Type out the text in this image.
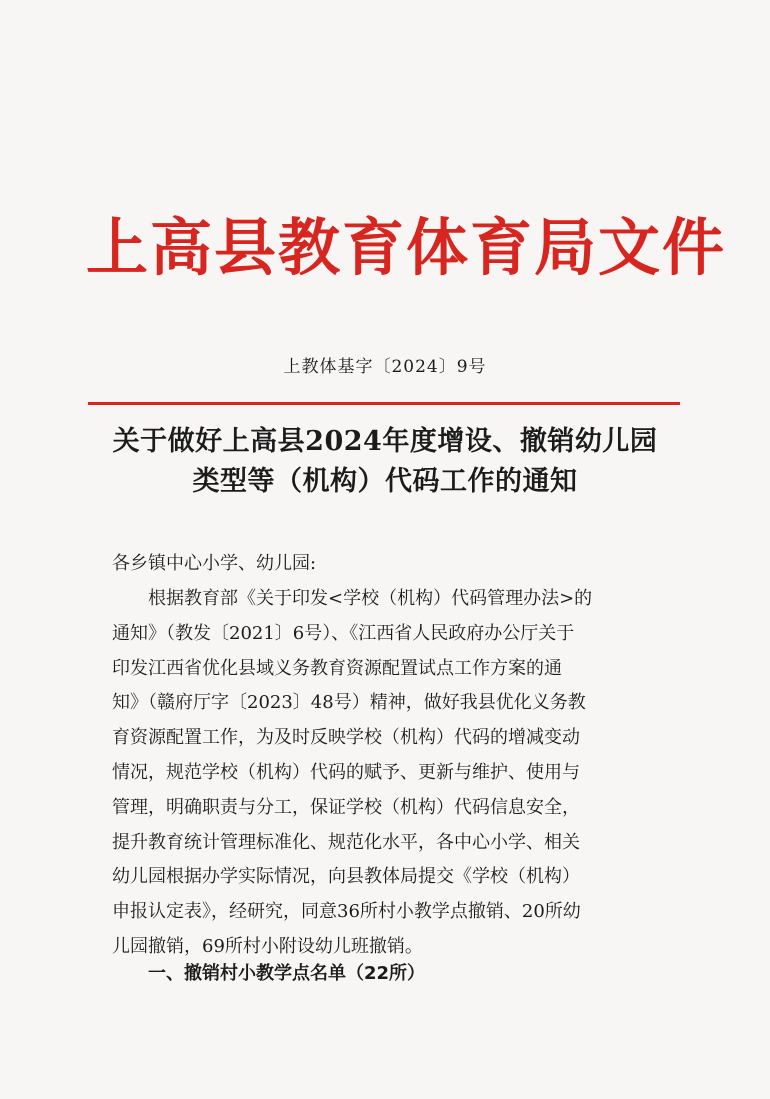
上高县教育体育局文件
上教体基字〔2024〕9号
关于做好上高县2024年度增设、撤销幼儿园
类型等（机构）代码工作的通知
各乡镇中心小学、幼儿园:
　　根据教育部《关于印发<学校（机构）代码管理办法>的
通知》（教发〔2021〕6号）、《江西省人民政府办公厅关于
印发江西省优化县域义务教育资源配置试点工作方案的通
知》（赣府厅字〔2023〕48号）精神，做好我县优化义务教
育资源配置工作，为及时反映学校（机构）代码的增减变动
情况，规范学校（机构）代码的赋予、更新与维护、使用与
管理，明确职责与分工，保证学校（机构）代码信息安全，
提升教育统计管理标准化、规范化水平，各中心小学、相关
幼儿园根据办学实际情况，向县教体局提交《学校（机构）
申报认定表》，经研究，同意36所村小教学点撤销、20所幼
儿园撤销，69所村小附设幼儿班撤销。
一、撤销村小教学点名单（22所）
